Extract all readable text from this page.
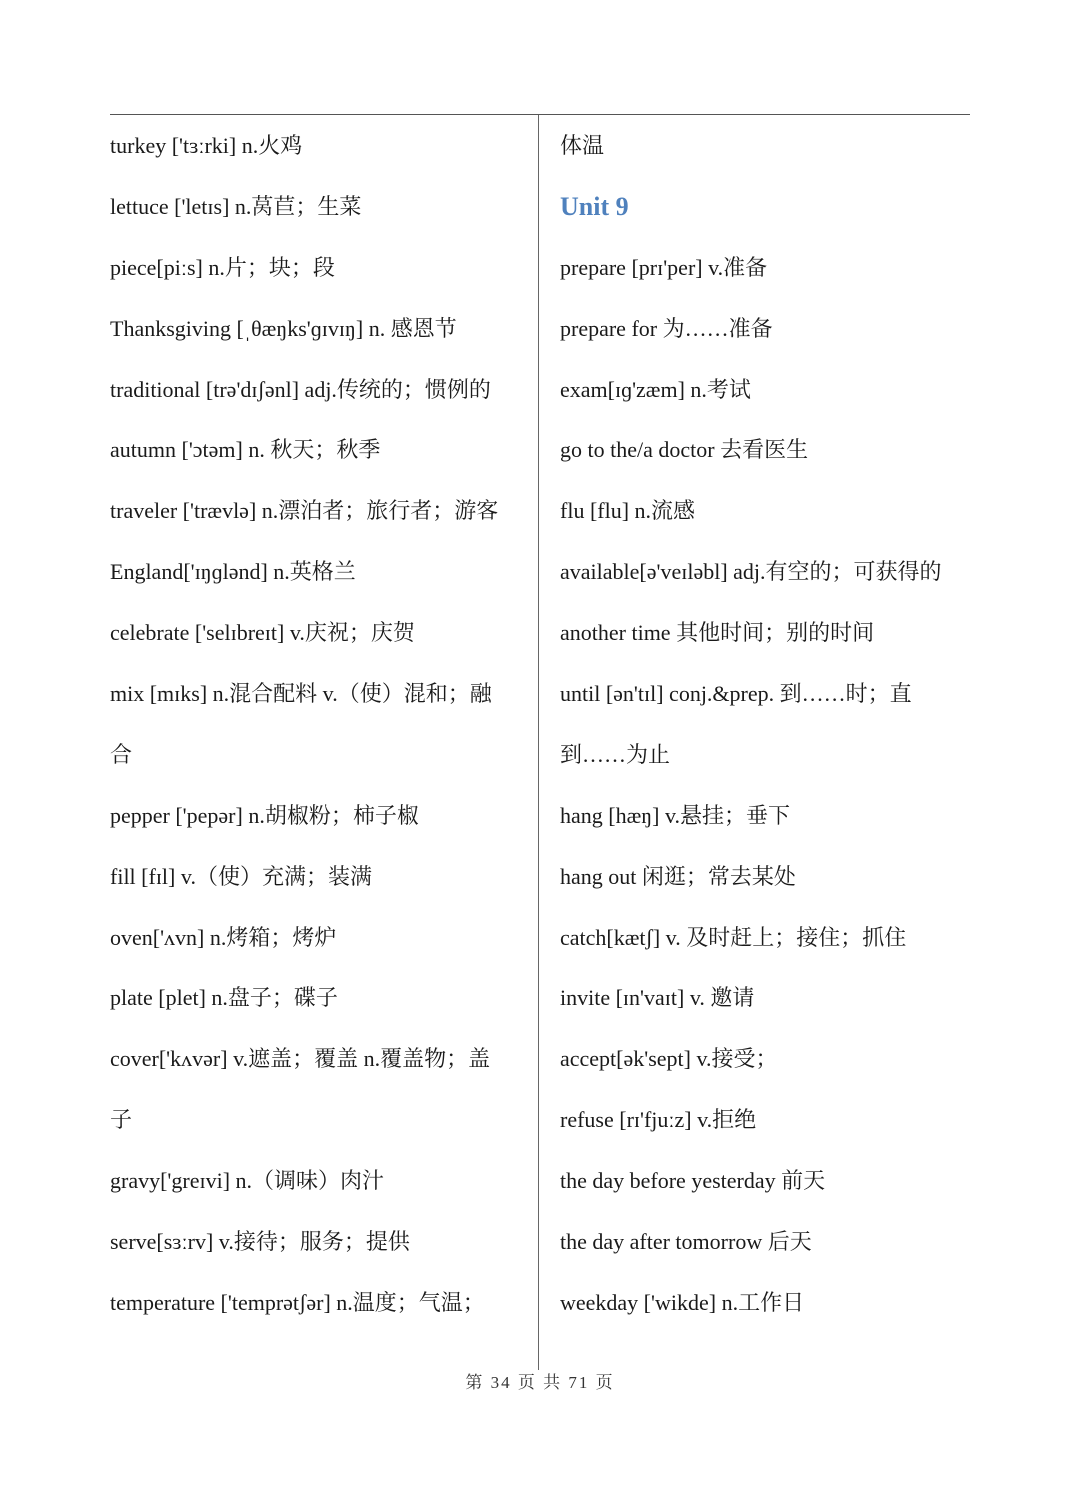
turkey ['tɜːrki] n.火鸡
lettuce ['letɪs] n.莴苣；生菜
piece[piːs] n.片；块；段
Thanksgiving [ˌθæŋks'ɡɪvɪŋ] n. 感恩节
traditional [trə'dɪʃənl] adj.传统的；惯例的
autumn ['ɔtəm] n. 秋天；秋季
traveler ['trævlə] n.漂泊者；旅行者；游客
England['ɪŋɡlənd] n.英格兰
celebrate ['selɪbreɪt] v.庆祝；庆贺
mix [mɪks] n.混合配料 v.（使）混和；融
合
pepper ['pepər] n.胡椒粉；柿子椒
fill [fɪl] v.（使）充满；装满
oven['ʌvn] n.烤箱；烤炉
plate [plet] n.盘子；碟子
cover['kʌvər] v.遮盖；覆盖 n.覆盖物；盖
子
gravy['greɪvi] n.（调味）肉汁
serve[sɜːrv] v.接待；服务；提供
temperature ['temprətʃər] n.温度；气温；
体温
Unit 9
prepare [prɪ'per] v.准备
prepare for 为……准备
exam[ɪɡ'zæm] n.考试
go to the/a doctor 去看医生
flu [flu] n.流感
available[ə'veɪləbl] adj.有空的；可获得的
another time 其他时间；别的时间
until [ən'tɪl] conj.&prep. 到……时；直
到……为止
hang [hæŋ] v.悬挂；垂下
hang out 闲逛；常去某处
catch[kætʃ] v. 及时赶上；接住；抓住
invite [ɪn'vaɪt] v. 邀请
accept[ək'sept] v.接受；
refuse [rɪ'fjuːz] v.拒绝
the day before yesterday 前天
the day after tomorrow 后天
weekday ['wikde] n.工作日
第 34 页 共 71 页
